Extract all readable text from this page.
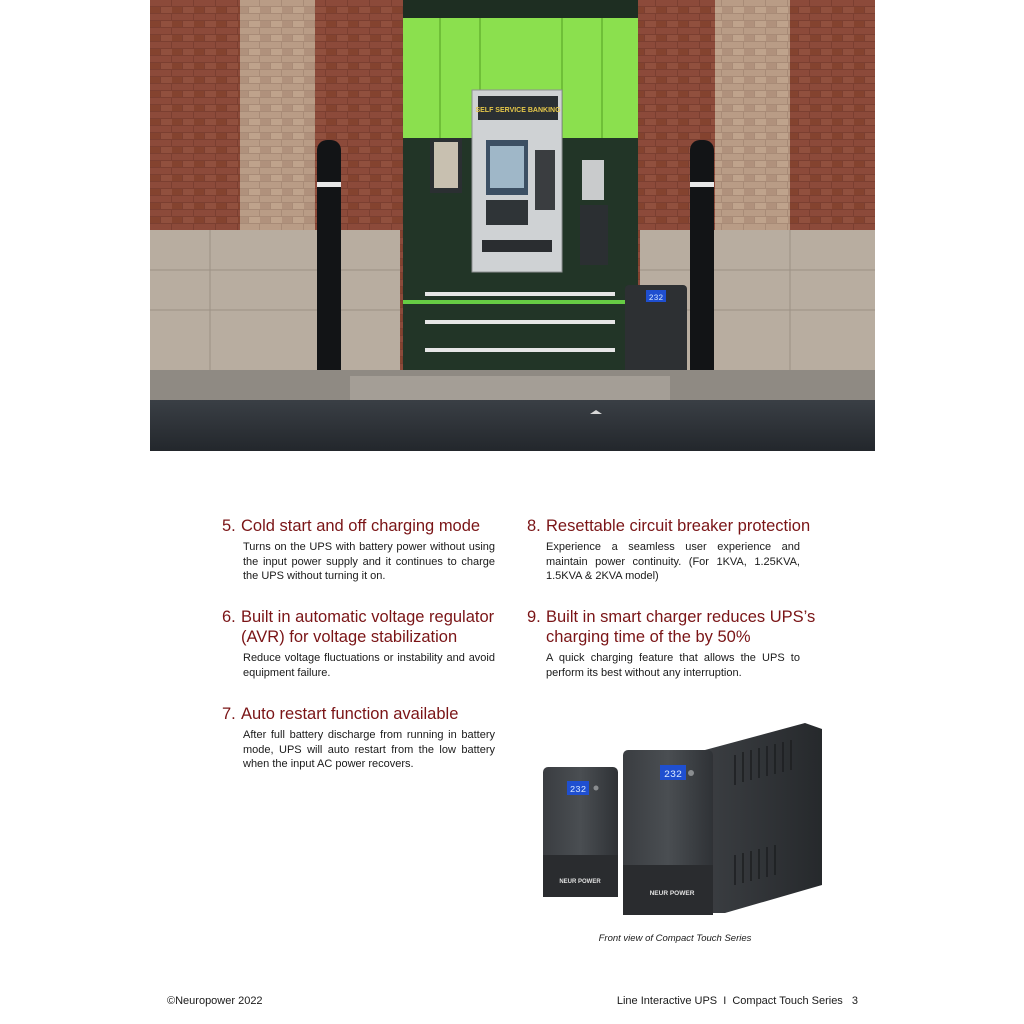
SELF SERVICE BANKING
232
5. Cold start and off charging mode

Turns on the UPS with battery power without using the input power supply and it continues to charge the UPS without turning it on.

6. Built in automatic voltage regulator
(AVR) for voltage stabilization

Reduce voltage fluctuations or instability and avoid equipment failure.

7. Auto restart function available

After full battery discharge from running in battery mode, UPS will auto restart from the low battery when the input AC power recovers.

8. Resettable circuit breaker protection

Experience a seamless user experience and maintain power continuity. (For 1KVA, 1.25KVA, 1.5KVA & 2KVA model)

9. Built in smart charger reduces UPS’s
charging time of the by 50%

A quick charging feature that allows the UPS to perform its best without any interruption.

232
NEUR POWER
232
NEUR POWER
Front view of Compact Touch Series
©Neuropower 2022	Line Interactive UPS I Compact Touch Series 3
